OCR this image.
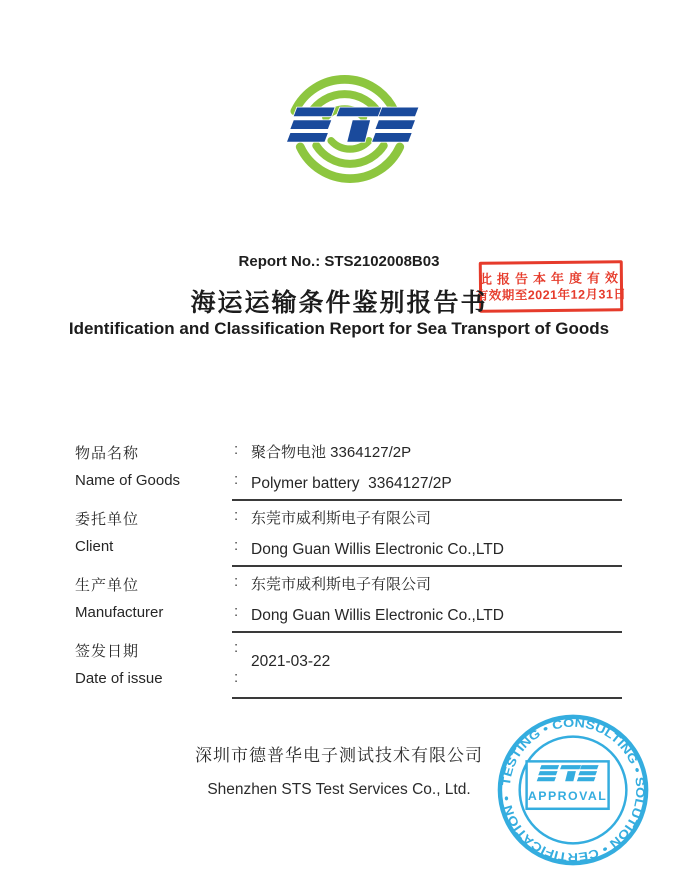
Report No.: STS2102008B03
此报告本年度有效
有效期至2021年12月31日
海运运输条件鉴别报告书
Identification and Classification Report for Sea Transport of Goods
物品名称
Name of Goods
:
:
聚合物电池 3364127/2P
Polymer battery  3364127/2P
委托单位
Client
:
:
东莞市威利斯电子有限公司
Dong Guan Willis Electronic Co.,LTD
生产单位
Manufacturer
:
:
东莞市威利斯电子有限公司
Dong Guan Willis Electronic Co.,LTD
签发日期
Date of issue
:
:
2021-03-22
深圳市德普华电子测试技术有限公司
Shenzhen STS Test Services Co., Ltd.	TESTING • CONSULTING • SOLUTION • CERTIFICATION •	APPROVAL
